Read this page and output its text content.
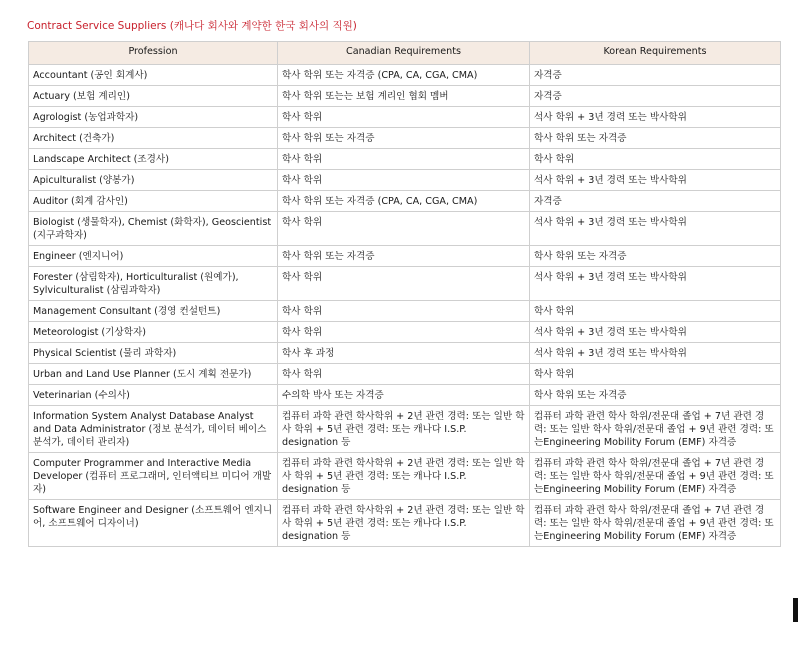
Contract Service Suppliers (캐나다 회사와 계약한 한국 회사의 직원)
Profession	Canadian Requirements	Korean Requirements
Accountant (공인 회계사)	학사 학위 또는 자격증 (CPA, CA, CGA, CMA)	자격증
Actuary (보험 계리인)	학사 학위 또는는 보험 계리인 협회 멤버	자격증
Agrologist (농업과학자)	학사 학위	석사 학위 + 3년 경력 또는 박사학위
Architect (건축가)	학사 학위 또는 자격증	학사 학위 또는 자격증
Landscape Architect (조경사)	학사 학위	학사 학위
Apiculturalist (양봉가)	학사 학위	석사 학위 + 3년 경력 또는 박사학위
Auditor (회계 감사인)	학사 학위 또는 자격증 (CPA, CA, CGA, CMA)	자격증
Biologist (생물학자), Chemist (화학자), Geoscientist (지구과학자)	학사 학위	석사 학위 + 3년 경력 또는 박사학위
Engineer (엔지니어)	학사 학위 또는 자격증	학사 학위 또는 자격증
Forester (삼림학자), Horticulturalist (원예가), Sylviculturalist (삼림과학자)	학사 학위	석사 학위 + 3년 경력 또는 박사학위
Management Consultant (경영 컨설턴트)	학사 학위	학사 학위
Meteorologist (기상학자)	학사 학위	석사 학위 + 3년 경력 또는 박사학위
Physical Scientist (물리 과학자)	학사 후 과정	석사 학위 + 3년 경력 또는 박사학위
Urban and Land Use Planner (도시 계획 전문가)	학사 학위	학사 학위
Veterinarian (수의사)	수의학 박사 또는 자격증	학사 학위 또는 자격증
Information System Analyst Database Analyst and Data Administrator (정보 분석가, 데이터 베이스 분석가, 데이터 관리자)	컴퓨터 과학 관련 학사학위 + 2년 관련 경력: 또는 일반 학사 학위 + 5년 관련 경력: 또는 캐나다 I.S.P. designation 등	컴퓨터 과학 관련 학사 학위/전문대 졸업 + 7년 관련 경력: 또는 일반 학사 학위/전문대 졸업 + 9년 관련 경력: 또는Engineering Mobility Forum (EMF) 자격증
Computer Programmer and Interactive Media Developer (컴퓨터 프로그래머, 인터액티브 미디어 개발자)	컴퓨터 과학 관련 학사학위 + 2년 관련 경력: 또는 일반 학사 학위 + 5년 관련 경력: 또는 캐나다 I.S.P. designation 등	컴퓨터 과학 관련 학사 학위/전문대 졸업 + 7년 관련 경력: 또는 일반 학사 학위/전문대 졸업 + 9년 관련 경력: 또는Engineering Mobility Forum (EMF) 자격증
Software Engineer and Designer (소프트웨어 엔지니어, 소프트웨어 디자이너)	컴퓨터 과학 관련 학사학위 + 2년 관련 경력: 또는 일반 학사 학위 + 5년 관련 경력: 또는 캐나다 I.S.P. designation 등	컴퓨터 과학 관련 학사 학위/전문대 졸업 + 7년 관련 경력: 또는 일반 학사 학위/전문대 졸업 + 9년 관련 경력: 또는Engineering Mobility Forum (EMF) 자격증
